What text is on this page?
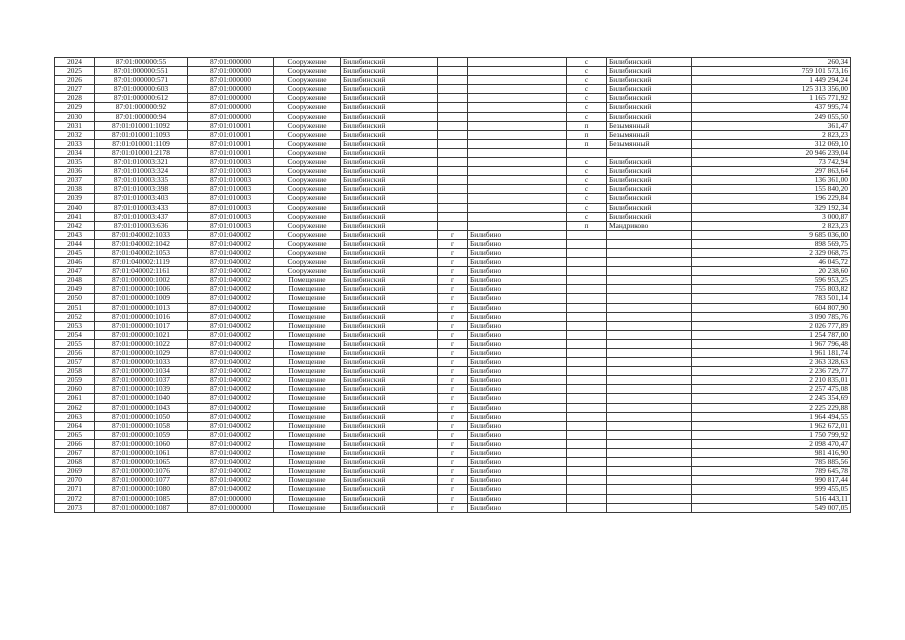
2024	87:01:000000:55	87:01:000000	Сооружение	Билибинский			с	Билибинский	260,34
2025	87:01:000000:551	87:01:000000	Сооружение	Билибинский			с	Билибинский	759 101 573,16
2026	87:01:000000:571	87:01:000000	Сооружение	Билибинский			с	Билибинский	1 449 294,24
2027	87:01:000000:603	87:01:000000	Сооружение	Билибинский			с	Билибинский	125 313 356,00
2028	87:01:000000:612	87:01:000000	Сооружение	Билибинский			с	Билибинский	1 165 771,92
2029	87:01:000000:92	87:01:000000	Сооружение	Билибинский			с	Билибинский	437 995,74
2030	87:01:000000:94	87:01:000000	Сооружение	Билибинский			с	Билибинский	249 055,50
2031	87:01:010001:1092	87:01:010001	Сооружение	Билибинский			п	Безымянный	361,47
2032	87:01:010001:1093	87:01:010001	Сооружение	Билибинский			п	Безымянный	2 823,23
2033	87:01:010001:1109	87:01:010001	Сооружение	Билибинский			п	Безымянный	312 069,10
2034	87:01:010001:2178	87:01:010001	Сооружение	Билибинский					20 946 239,04
2035	87:01:010003:321	87:01:010003	Сооружение	Билибинский			с	Билибинский	73 742,94
2036	87:01:010003:324	87:01:010003	Сооружение	Билибинский			с	Билибинский	297 863,64
2037	87:01:010003:335	87:01:010003	Сооружение	Билибинский			с	Билибинский	136 361,00
2038	87:01:010003:398	87:01:010003	Сооружение	Билибинский			с	Билибинский	155 840,20
2039	87:01:010003:403	87:01:010003	Сооружение	Билибинский			с	Билибинский	196 229,84
2040	87:01:010003:433	87:01:010003	Сооружение	Билибинский			с	Билибинский	329 192,34
2041	87:01:010003:437	87:01:010003	Сооружение	Билибинский			с	Билибинский	3 000,87
2042	87:01:010003:636	87:01:010003	Сооружение	Билибинский			п	Мандриково	2 823,23
2043	87:01:040002:1033	87:01:040002	Сооружение	Билибинский	г	Билибино			9 685 036,00
2044	87:01:040002:1042	87:01:040002	Сооружение	Билибинский	г	Билибино			898 569,75
2045	87:01:040002:1053	87:01:040002	Сооружение	Билибинский	г	Билибино			2 329 068,75
2046	87:01:040002:1119	87:01:040002	Сооружение	Билибинский	г	Билибино			46 045,72
2047	87:01:040002:1161	87:01:040002	Сооружение	Билибинский	г	Билибино			20 238,60
2048	87:01:000000:1002	87:01:040002	Помещение	Билибинский	г	Билибино			596 953,25
2049	87:01:000000:1006	87:01:040002	Помещение	Билибинский	г	Билибино			755 803,82
2050	87:01:000000:1009	87:01:040002	Помещение	Билибинский	г	Билибино			783 501,14
2051	87:01:000000:1013	87:01:040002	Помещение	Билибинский	г	Билибино			604 807,90
2052	87:01:000000:1016	87:01:040002	Помещение	Билибинский	г	Билибино			3 090 785,76
2053	87:01:000000:1017	87:01:040002	Помещение	Билибинский	г	Билибино			2 026 777,89
2054	87:01:000000:1021	87:01:040002	Помещение	Билибинский	г	Билибино			1 254 787,00
2055	87:01:000000:1022	87:01:040002	Помещение	Билибинский	г	Билибино			1 967 796,48
2056	87:01:000000:1029	87:01:040002	Помещение	Билибинский	г	Билибино			1 961 181,74
2057	87:01:000000:1033	87:01:040002	Помещение	Билибинский	г	Билибино			2 363 328,63
2058	87:01:000000:1034	87:01:040002	Помещение	Билибинский	г	Билибино			2 236 729,77
2059	87:01:000000:1037	87:01:040002	Помещение	Билибинский	г	Билибино			2 210 835,01
2060	87:01:000000:1039	87:01:040002	Помещение	Билибинский	г	Билибино			2 257 475,08
2061	87:01:000000:1040	87:01:040002	Помещение	Билибинский	г	Билибино			2 245 354,69
2062	87:01:000000:1043	87:01:040002	Помещение	Билибинский	г	Билибино			2 225 229,88
2063	87:01:000000:1050	87:01:040002	Помещение	Билибинский	г	Билибино			1 964 494,55
2064	87:01:000000:1058	87:01:040002	Помещение	Билибинский	г	Билибино			1 962 672,01
2065	87:01:000000:1059	87:01:040002	Помещение	Билибинский	г	Билибино			1 750 799,92
2066	87:01:000000:1060	87:01:040002	Помещение	Билибинский	г	Билибино			2 098 470,47
2067	87:01:000000:1061	87:01:040002	Помещение	Билибинский	г	Билибино			981 416,90
2068	87:01:000000:1065	87:01:040002	Помещение	Билибинский	г	Билибино			785 885,56
2069	87:01:000000:1076	87:01:040002	Помещение	Билибинский	г	Билибино			789 645,78
2070	87:01:000000:1077	87:01:040002	Помещение	Билибинский	г	Билибино			990 817,44
2071	87:01:000000:1080	87:01:040002	Помещение	Билибинский	г	Билибино			999 455,05
2072	87:01:000000:1085	87:01:000000	Помещение	Билибинский	г	Билибино			516 443,11
2073	87:01:000000:1087	87:01:000000	Помещение	Билибинский	г	Билибино			549 007,05
